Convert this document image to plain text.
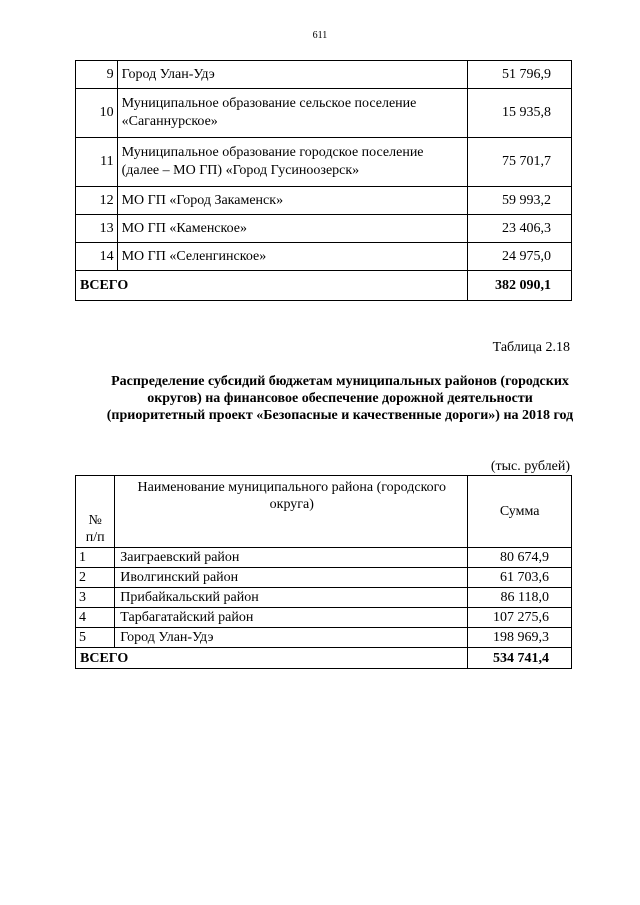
611
9	Город Улан-Удэ	51 796,9
10	Муниципальное образование сельское поселение «Саганнурское»	15 935,8
11	Муниципальное образование городское поселение (далее – МО ГП) «Город Гусиноозерск»	75 701,7
12	МО ГП «Город Закаменск»	59 993,2
13	МО ГП «Каменское»	23 406,3
14	МО ГП «Селенгинское»	24 975,0
ВСЕГО		382 090,1
Таблица 2.18
Распределение субсидий бюджетам муниципальных районов (городских округов) на финансовое обеспечение дорожной деятельности (приоритетный проект «Безопасные и качественные дороги») на 2018 год
(тыс. рублей)
№
п/п	Наименование муниципального района (городского округа)	Сумма
1	Заиграевский район	80 674,9
2	Иволгинский район	61 703,6
3	Прибайкальский район	86 118,0
4	Тарбагатайский район	107 275,6
5	Город Улан-Удэ	198 969,3
ВСЕГО		534 741,4
